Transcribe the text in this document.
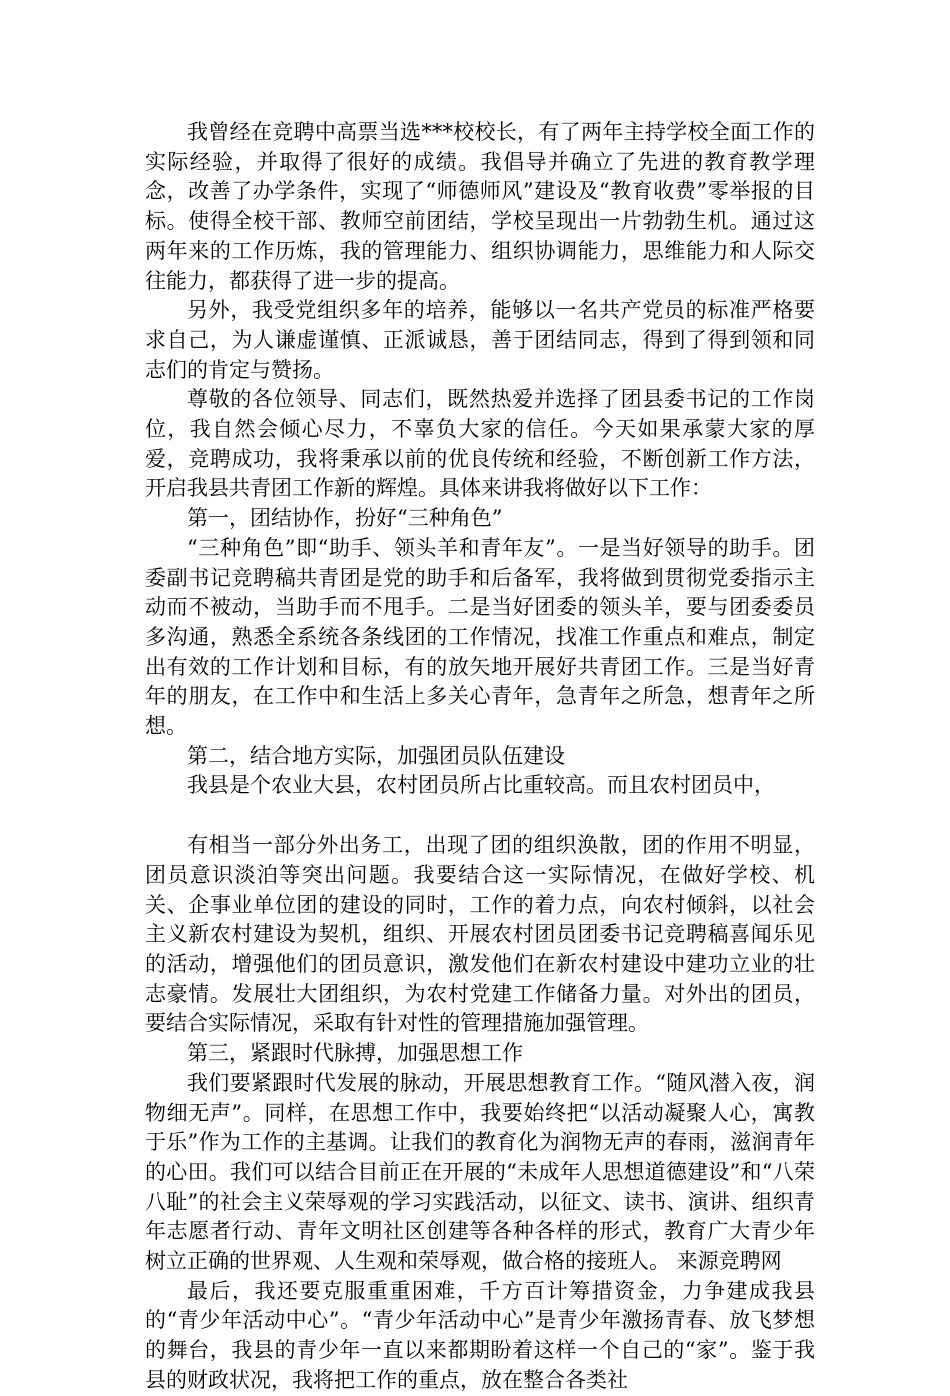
我曾经在竞聘中高票当选***校校长，有了两年主持学校全面工作的实际经验，并取得了很好的成绩。我倡导并确立了先进的教育教学理念，改善了办学条件，实现了“师德师风”建设及“教育收费”零举报的目标。使得全校干部、教师空前团结，学校呈现出一片勃勃生机。通过这两年来的工作历炼，我的管理能力、组织协调能力，思维能力和人际交往能力，都获得了进一步的提高。

另外，我受党组织多年的培养，能够以一名共产党员的标准严格要求自己，为人谦虚谨慎、正派诚恳，善于团结同志，得到了得到领和同志们的肯定与赞扬。

尊敬的各位领导、同志们，既然热爱并选择了团县委书记的工作岗位，我自然会倾心尽力，不辜负大家的信任。今天如果承蒙大家的厚爱，竞聘成功，我将秉承以前的优良传统和经验，不断创新工作方法，开启我县共青团工作新的辉煌。具体来讲我将做好以下工作：

第一，团结协作，扮好“三种角色”

“三种角色”即“助手、领头羊和青年友”。一是当好领导的助手。团委副书记竞聘稿共青团是党的助手和后备军，我将做到贯彻党委指示主动而不被动，当助手而不甩手。二是当好团委的领头羊，要与团委委员多沟通，熟悉全系统各条线团的工作情况，找准工作重点和难点，制定出有效的工作计划和目标，有的放矢地开展好共青团工作。三是当好青年的朋友，在工作中和生活上多关心青年，急青年之所急，想青年之所想。

第二，结合地方实际，加强团员队伍建设

我县是个农业大县，农村团员所占比重较高。而且农村团员中，

有相当一部分外出务工，出现了团的组织涣散，团的作用不明显，团员意识淡泊等突出问题。我要结合这一实际情况，在做好学校、机关、企事业单位团的建设的同时，工作的着力点，向农村倾斜，以社会主义新农村建设为契机，组织、开展农村团员团委书记竞聘稿喜闻乐见的活动，增强他们的团员意识，激发他们在新农村建设中建功立业的壮志豪情。发展壮大团组织，为农村党建工作储备力量。对外出的团员，要结合实际情况，采取有针对性的管理措施加强管理。

第三，紧跟时代脉搏，加强思想工作

我们要紧跟时代发展的脉动，开展思想教育工作。“随风潜入夜，润物细无声”。同样，在思想工作中，我要始终把“以活动凝聚人心，寓教于乐”作为工作的主基调。让我们的教育化为润物无声的春雨，滋润青年的心田。我们可以结合目前正在开展的“未成年人思想道德建设”和“八荣八耻”的社会主义荣辱观的学习实践活动，以征文、读书、演讲、组织青年志愿者行动、青年文明社区创建等各种各样的形式，教育广大青少年树立正确的世界观、人生观和荣辱观，做合格的接班人。 来源竞聘网

最后，我还要克服重重困难，千方百计筹措资金，力争建成我县的“青少年活动中心”。“青少年活动中心”是青少年激扬青春、放飞梦想的舞台，我县的青少年一直以来都期盼着这样一个自己的“家”。鉴于我县的财政状况，我将把工作的重点，放在整合各类社
